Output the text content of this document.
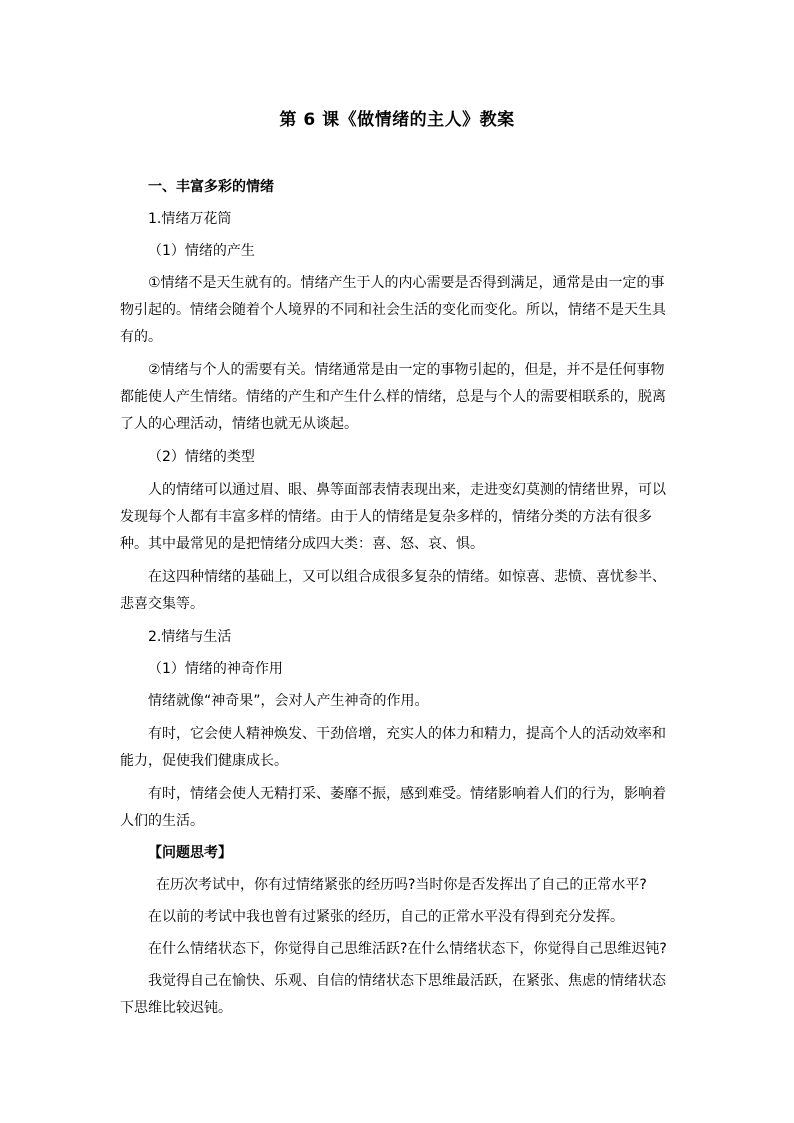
第 6 课《做情绪的主人》教案

一、丰富多彩的情绪

1.情绪万花筒

（1）情绪的产生

①情绪不是天生就有的。情绪产生于人的内心需要是否得到满足，通常是由一定的事物引起的。情绪会随着个人境界的不同和社会生活的变化而变化。所以，情绪不是天生具有的。

②情绪与个人的需要有关。情绪通常是由一定的事物引起的，但是，并不是任何事物都能使人产生情绪。情绪的产生和产生什么样的情绪，总是与个人的需要相联系的，脱离了人的心理活动，情绪也就无从谈起。

（2）情绪的类型

人的情绪可以通过眉、眼、鼻等面部表情表现出来，走进变幻莫测的情绪世界，可以发现每个人都有丰富多样的情绪。由于人的情绪是复杂多样的，情绪分类的方法有很多种。其中最常见的是把情绪分成四大类：喜、怒、哀、惧。

在这四种情绪的基础上，又可以组合成很多复杂的情绪。如惊喜、悲愤、喜忧参半、悲喜交集等。

2.情绪与生活

（1）情绪的神奇作用

情绪就像“神奇果”，会对人产生神奇的作用。

有时，它会使人精神焕发、干劲倍增，充实人的体力和精力，提高个人的活动效率和能力，促使我们健康成长。

有时，情绪会使人无精打采、萎靡不振，感到难受。情绪影响着人们的行为，影响着人们的生活。

【问题思考】

在历次考试中，你有过情绪紧张的经历吗?当时你是否发挥出了自己的正常水平?

在以前的考试中我也曾有过紧张的经历，自己的正常水平没有得到充分发挥。

在什么情绪状态下，你觉得自己思维活跃?在什么情绪状态下，你觉得自己思维迟钝?

我觉得自己在愉快、乐观、自信的情绪状态下思维最活跃，在紧张、焦虑的情绪状态下思维比较迟钝。
